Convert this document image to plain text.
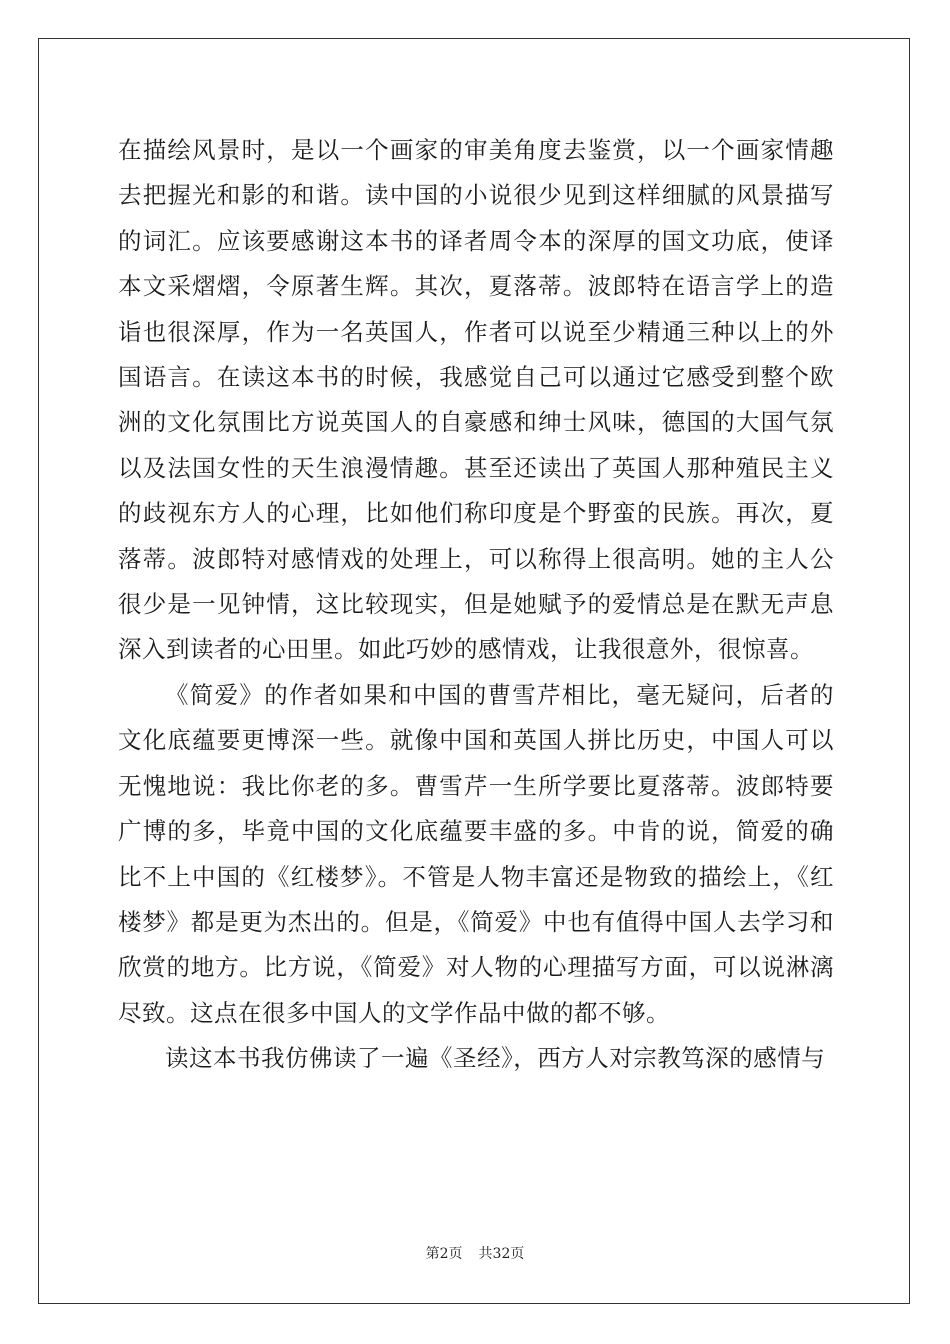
在描绘风景时，是以一个画家的审美角度去鉴赏，以一个画家情趣去把握光和影的和谐。读中国的小说很少见到这样细腻的风景描写的词汇。应该要感谢这本书的译者周令本的深厚的国文功底，使译本文采熠熠，令原著生辉。其次，夏落蒂。波郎特在语言学上的造诣也很深厚，作为一名英国人，作者可以说至少精通三种以上的外国语言。在读这本书的时候，我感觉自己可以通过它感受到整个欧洲的文化氛围比方说英国人的自豪感和绅士风味，德国的大国气氛以及法国女性的天生浪漫情趣。甚至还读出了英国人那种殖民主义的歧视东方人的心理，比如他们称印度是个野蛮的民族。再次，夏落蒂。波郎特对感情戏的处理上，可以称得上很高明。她的主人公很少是一见钟情，这比较现实，但是她赋予的爱情总是在默无声息深入到读者的心田里。如此巧妙的感情戏，让我很意外，很惊喜。

《简爱》的作者如果和中国的曹雪芹相比，毫无疑问，后者的文化底蕴要更博深一些。就像中国和英国人拼比历史，中国人可以无愧地说：我比你老的多。曹雪芹一生所学要比夏落蒂。波郎特要广博的多，毕竟中国的文化底蕴要丰盛的多。中肯的说，简爱的确比不上中国的《红楼梦》。不管是人物丰富还是物致的描绘上，《红楼梦》都是更为杰出的。但是，《简爱》中也有值得中国人去学习和欣赏的地方。比方说，《简爱》对人物的心理描写方面，可以说淋漓尽致。这点在很多中国人的文学作品中做的都不够。

读这本书我仿佛读了一遍《圣经》，西方人对宗教笃深的感情与

第2页 共32页
